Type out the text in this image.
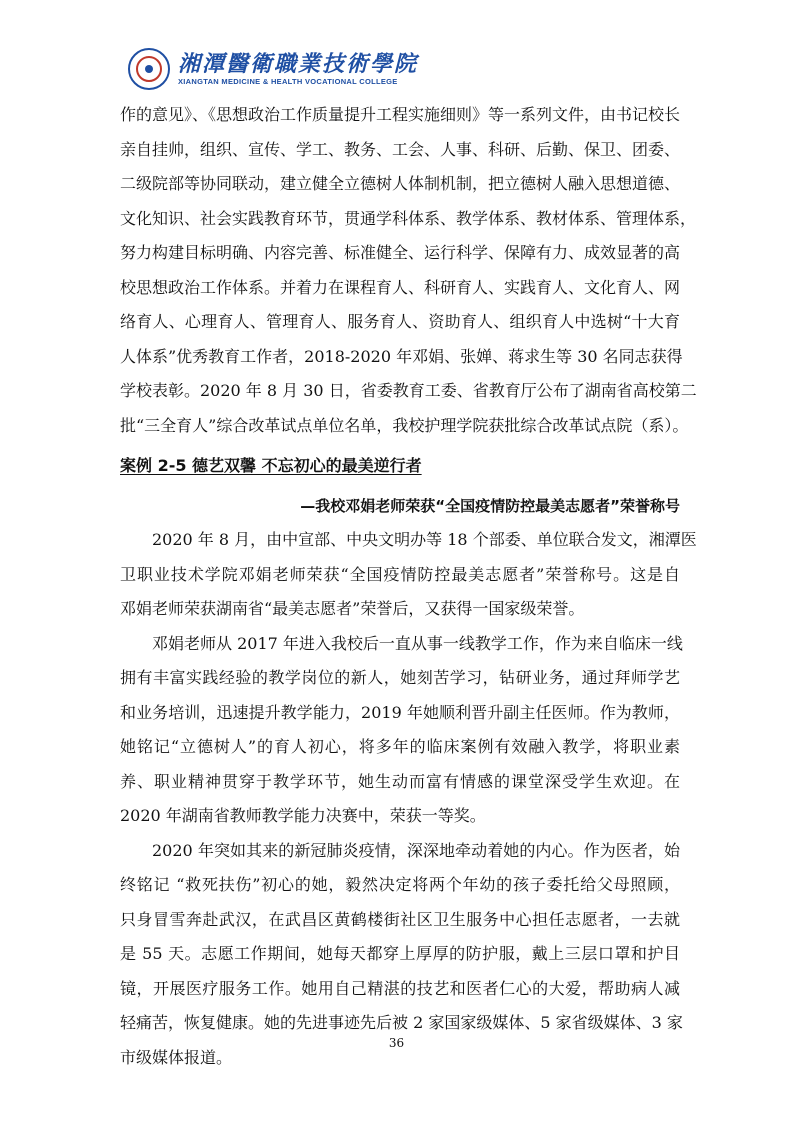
湘潭醫衛職業技術學院
XIANGTAN MEDICINE & HEALTH VOCATIONAL COLLEGE
作的意见》、《思想政治工作质量提升工程实施细则》等一系列文件，由书记校长
亲自挂帅，组织、宣传、学工、教务、工会、人事、科研、后勤、保卫、团委、
二级院部等协同联动，建立健全立德树人体制机制，把立德树人融入思想道德、
文化知识、社会实践教育环节，贯通学科体系、教学体系、教材体系、管理体系，
努力构建目标明确、内容完善、标准健全、运行科学、保障有力、成效显著的高
校思想政治工作体系。并着力在课程育人、科研育人、实践育人、文化育人、网
络育人、心理育人、管理育人、服务育人、资助育人、组织育人中选树“十大育
人体系”优秀教育工作者，2018-2020 年邓娟、张婵、蒋求生等 30 名同志获得
学校表彰。2020 年 8 月 30 日，省委教育工委、省教育厅公布了湖南省高校第二
批“三全育人”综合改革试点单位名单，我校护理学院获批综合改革试点院（系）。
案例 2-5 德艺双馨 不忘初心的最美逆行者
—我校邓娟老师荣获“全国疫情防控最美志愿者”荣誉称号
2020 年 8 月，由中宣部、中央文明办等 18 个部委、单位联合发文，湘潭医
卫职业技术学院邓娟老师荣获“全国疫情防控最美志愿者”荣誉称号。这是自
邓娟老师荣获湖南省“最美志愿者”荣誉后，又获得一国家级荣誉。
邓娟老师从 2017 年进入我校后一直从事一线教学工作，作为来自临床一线
拥有丰富实践经验的教学岗位的新人，她刻苦学习，钻研业务，通过拜师学艺
和业务培训，迅速提升教学能力，2019 年她顺利晋升副主任医师。作为教师，
她铭记“立德树人”的育人初心，将多年的临床案例有效融入教学，将职业素
养、职业精神贯穿于教学环节，她生动而富有情感的课堂深受学生欢迎。在
2020 年湖南省教师教学能力决赛中，荣获一等奖。
2020 年突如其来的新冠肺炎疫情，深深地牵动着她的内心。作为医者，始
终铭记 “救死扶伤”初心的她，毅然决定将两个年幼的孩子委托给父母照顾，
只身冒雪奔赴武汉，在武昌区黄鹤楼街社区卫生服务中心担任志愿者，一去就
是 55 天。志愿工作期间，她每天都穿上厚厚的防护服，戴上三层口罩和护目
镜，开展医疗服务工作。她用自己精湛的技艺和医者仁心的大爱，帮助病人减
轻痛苦，恢复健康。她的先进事迹先后被 2 家国家级媒体、5 家省级媒体、3 家
市级媒体报道。
36
